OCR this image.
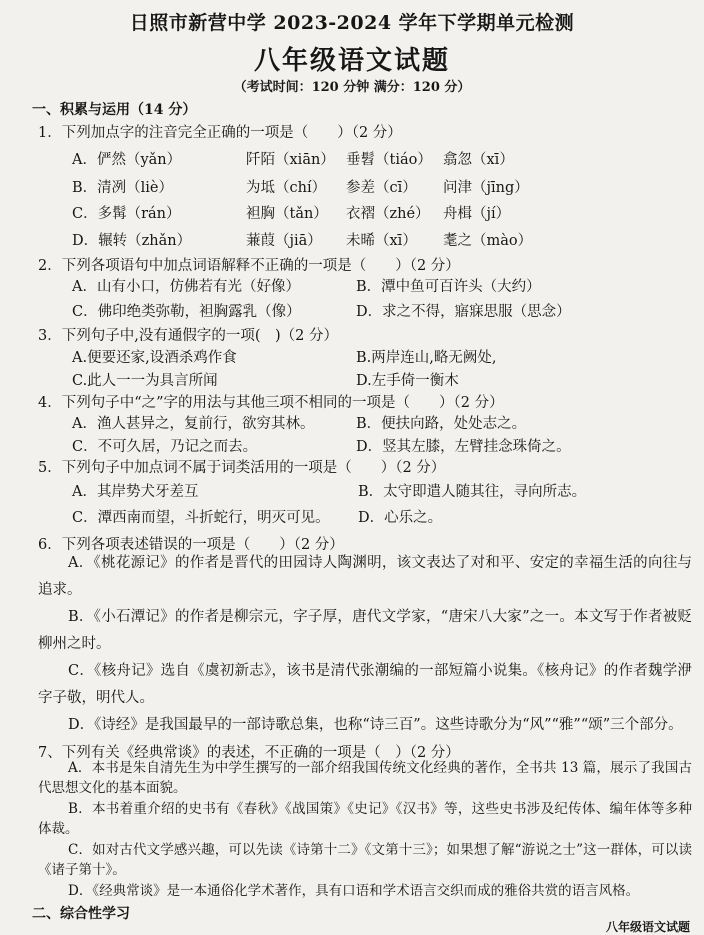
日照市新营中学 2023-2024 学年下学期单元检测
八年级语文试题
（考试时间：120 分钟 满分：120 分）
一、积累与运用（14 分）
1．下列加点字的注音完全正确的一项是（　　）（2 分）
A．俨然（yǎn）	阡陌（xiān） 垂髫（tiáo） 翕忽（xī）
B．清冽（liè）	为坻（chí） 参差（cī） 问津（jīng）
C．多髯（rán）	袒胸（tǎn） 衣褶（zhé） 舟楫（jí）
D．辗转（zhǎn）	蒹葭（jiā） 未晞（xī） 耄之（mào）
2．下列各项语句中加点词语解释不正确的一项是（　　）（2 分）
A．山有小口，仿佛若有光（好像）	B．潭中鱼可百许头（大约）
C．佛印绝类弥勒，袒胸露乳（像）	D．求之不得，寤寐思服（思念）
3．下列句子中,没有通假字的一项(　)（2 分）
A.便要还家,设酒杀鸡作食	B.两岸连山,略无阙处,
C.此人一一为具言所闻	D.左手倚一衡木
4．下列句子中“之”字的用法与其他三项不相同的一项是（　　）（2 分）
A．渔人甚异之，复前行，欲穷其林。	B．便扶向路，处处志之。
C．不可久居，乃记之而去。	D．竖其左膝，左臂挂念珠倚之。
5．下列句子中加点词不属于词类活用的一项是（　　）（2 分）
A．其岸势犬牙差互	B．太守即遣人随其往，寻向所志。
C．潭西南而望，斗折蛇行，明灭可见。 D．心乐之。
6．下列各项表述错误的一项是（　　）（2 分）

A．《桃花源记》的作者是晋代的田园诗人陶渊明，该文表达了对和平、安定的幸福生活的向往与追求。

B．《小石潭记》的作者是柳宗元，字子厚，唐代文学家，“唐宋八大家”之一。本文写于作者被贬柳州之时。

C．《核舟记》选自《虞初新志》，该书是清代张潮编的一部短篇小说集。《核舟记》的作者魏学洢字子敬，明代人。

D．《诗经》是我国最早的一部诗歌总集，也称“诗三百”。这些诗歌分为“风”“雅”“颂”三个部分。

7、下列有关《经典常谈》的表述，不正确的一项是（　）（2 分）

A．本书是朱自清先生为中学生撰写的一部介绍我国传统文化经典的著作，全书共 13 篇，展示了我国古代思想文化的基本面貌。

B．本书着重介绍的史书有《春秋》《战国策》《史记》《汉书》等，这些史书涉及纪传体、编年体等多种体裁。

C．如对古代文学感兴趣，可以先读《诗第十二》《文第十三》；如果想了解“游说之士”这一群体，可以读《诸子第十》。

二、综合性学习
八年级语文试题

D．《经典常谈》是一本通俗化学术著作，具有口语和学术语言交织而成的雅俗共赏的语言风格。
